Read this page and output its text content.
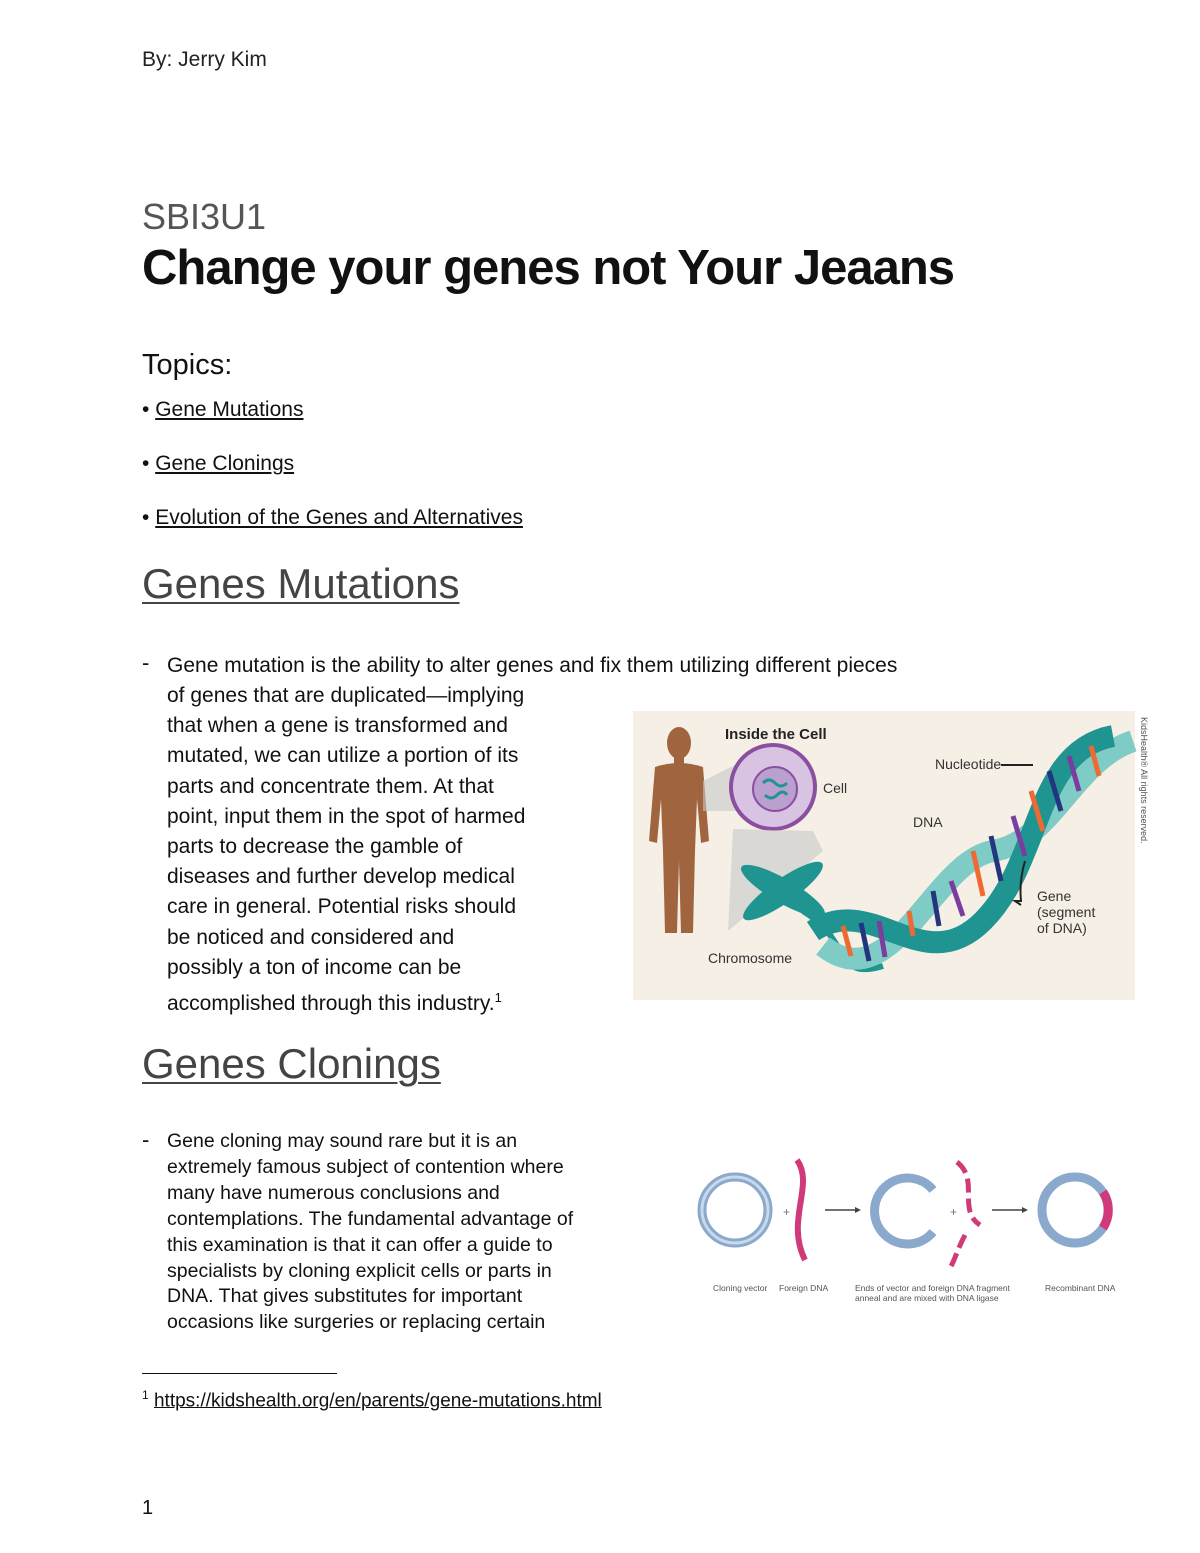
By: Jerry Kim
SBI3U1
Change your genes not Your Jeaans
Topics:
• Gene Mutations
• Gene Clonings
• Evolution of the Genes and Alternatives
Genes Mutations
- Gene mutation is the ability to alter genes and fix them utilizing different pieces
of genes that are duplicated—implying
that when a gene is transformed and
mutated, we can utilize a portion of its
parts and concentrate them. At that
point, input them in the spot of harmed
parts to decrease the gamble of
diseases and further develop medical
care in general. Potential risks should
be noticed and considered and
possibly a ton of income can be
accomplished through this industry.$^1$
Inside the Cell
Cell
Nucleotide
DNA
Gene
(segment
of DNA)
Chromosome
KidsHealth® All rights reserved.
Genes Clonings
- Gene cloning may sound rare but it is an
extremely famous subject of contention where
many have numerous conclusions and
contemplations. The fundamental advantage of
this examination is that it can offer a guide to
specialists by cloning explicit cells or parts in
DNA. That gives substitutes for important
occasions like surgeries or replacing certain
+	+
Cloning vector Foreign DNA	Ends of vector and foreign DNA fragment
anneal and are mixed with DNA ligase
Recombinant DNA
$^1$ https://kidshealth.org/en/parents/gene-mutations.html
1
